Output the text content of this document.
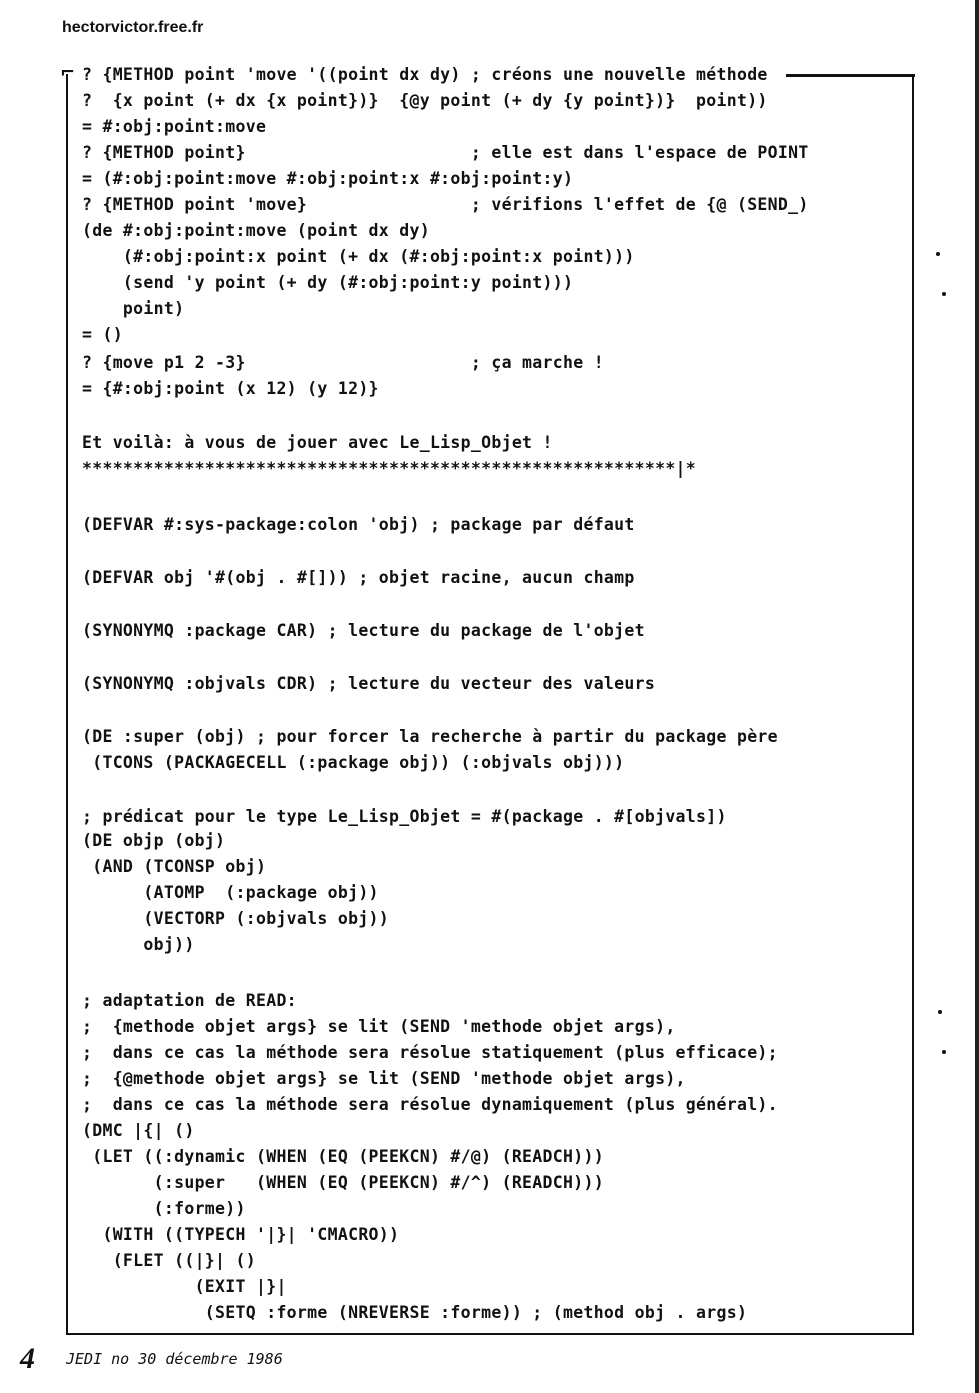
hectorvictor.free.fr
⌐ ? {METHOD point 'move '((point dx dy) ; créons une nouvelle méthode
?  {x point (+ dx {x point})}  {@y point (+ dy {y point})}  point))
= #:obj:point:move
? {METHOD point}                      ; elle est dans l'espace de POINT
= (#:obj:point:move #:obj:point:x #:obj:point:y)
? {METHOD point 'move}                ; vérifions l'effet de {@ (SEND_)
(de #:obj:point:move (point dx dy)
(#:obj:point:x point (+ dx (#:obj:point:x point)))
(send 'y point (+ dy (#:obj:point:y point)))
point)
= ()
? {move p1 2 -3}                      ; ça marche !
= {#:obj:point (x 12) (y 12)}
Et voilà: à vous de jouer avec Le_Lisp_Objet !
**********************************************************|*
(DEFVAR #:sys-package:colon 'obj) ; package par défaut
(DEFVAR obj '#(obj . #[])) ; objet racine, aucun champ
(SYNONYMQ :package CAR) ; lecture du package de l'objet
(SYNONYMQ :objvals CDR) ; lecture du vecteur des valeurs
(DE :super (obj) ; pour forcer la recherche à partir du package père
(TCONS (PACKAGECELL (:package obj)) (:objvals obj)))
; prédicat pour le type Le_Lisp_Objet = #(package . #[objvals])
(DE objp (obj)
(AND (TCONSP obj)
(ATOMP  (:package obj))
(VECTORP (:objvals obj))
obj))
; adaptation de READ:
;  {methode objet args} se lit (SEND 'methode objet args),
;  dans ce cas la méthode sera résolue statiquement (plus efficace);
;  {@methode objet args} se lit (SEND 'methode objet args),
;  dans ce cas la méthode sera résolue dynamiquement (plus général).
(DMC |{| ()
(LET ((:dynamic (WHEN (EQ (PEEKCN) #/@) (READCH)))
(:super   (WHEN (EQ (PEEKCN) #/^) (READCH)))
(:forme))
(WITH ((TYPECH '|}| 'CMACRO))
(FLET ((|}| ()
(EXIT |}|
(SETQ :forme (NREVERSE :forme)) ; (method obj . args)
4 JEDI no 30 décembre 1986
